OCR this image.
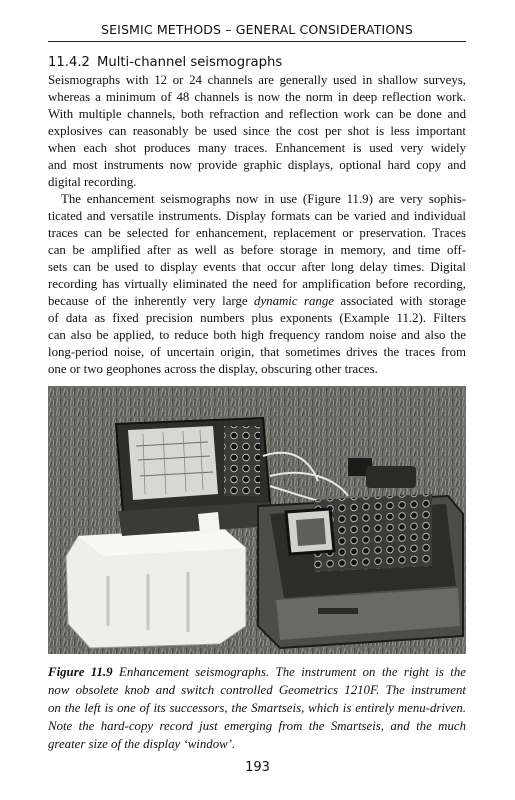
SEISMIC METHODS – GENERAL CONSIDERATIONS
11.4.2 Multi-channel seismographs
Seismographs with 12 or 24 channels are generally used in shallow surveys,
whereas a minimum of 48 channels is now the norm in deep reflection work.
With multiple channels, both refraction and reflection work can be done and
explosives can reasonably be used since the cost per shot is less important
when each shot produces many traces. Enhancement is used very widely
and most instruments now provide graphic displays, optional hard copy and
digital recording.
The enhancement seismographs now in use (Figure 11.9) are very sophis-
ticated and versatile instruments. Display formats can be varied and individual
traces can be selected for enhancement, replacement or preservation. Traces
can be amplified after as well as before storage in memory, and time off-
sets can be used to display events that occur after long delay times. Digital
recording has virtually eliminated the need for amplification before recording,
because of the inherently very large dynamic range associated with storage
of data as fixed precision numbers plus exponents (Example 11.2). Filters
can also be applied, to reduce both high frequency random noise and also the
long-period noise, of uncertain origin, that sometimes drives the traces from
one or two geophones across the display, obscuring other traces.
Figure 11.9 Enhancement seismographs. The instrument on the right is the
now obsolete knob and switch controlled Geometrics 1210F. The instrument
on the left is one of its successors, the Smartseis, which is entirely menu-driven.
Note the hard-copy record just emerging from the Smartseis, and the much
greater size of the display ‘window’.
193
